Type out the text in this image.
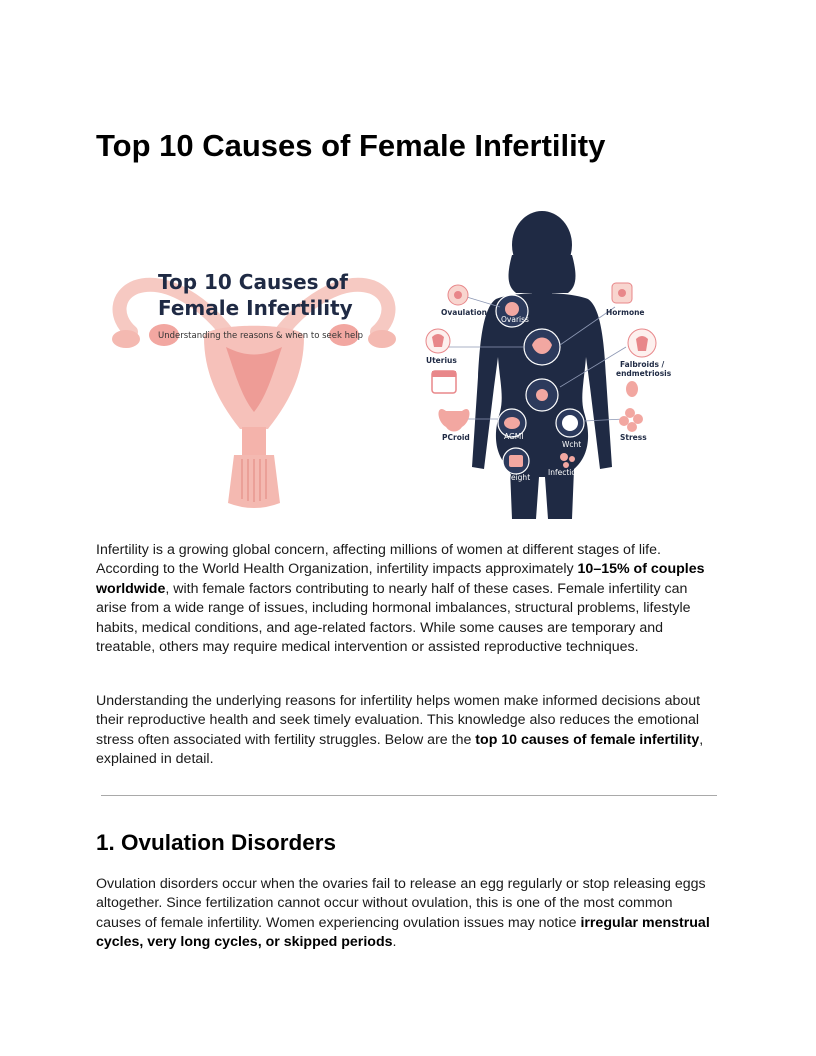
Top 10 Causes of Female Infertility
Top 10 Causes of
Female Infertility
Understanding the reasons & when to seek help
Ovaulation
Ovariss
Hormone
Uterius	Falbroids /
endmetriosis
PCroid	AGMI
Wcht
Stress
Infection
Weight

Infertility is a growing global concern, affecting millions of women at different stages of life. According to the World Health Organization, infertility impacts approximately 10–15% of couples worldwide, with female factors contributing to nearly half of these cases. Female infertility can arise from a wide range of issues, including hormonal imbalances, structural problems, lifestyle habits, medical conditions, and age-related factors. While some causes are temporary and treatable, others may require medical intervention or assisted reproductive techniques.

Understanding the underlying reasons for infertility helps women make informed decisions about their reproductive health and seek timely evaluation. This knowledge also reduces the emotional stress often associated with fertility struggles. Below are the top 10 causes of female infertility, explained in detail.

1. Ovulation Disorders

Ovulation disorders occur when the ovaries fail to release an egg regularly or stop releasing eggs altogether. Since fertilization cannot occur without ovulation, this is one of the most common causes of female infertility. Women experiencing ovulation issues may notice irregular menstrual cycles, very long cycles, or skipped periods.
